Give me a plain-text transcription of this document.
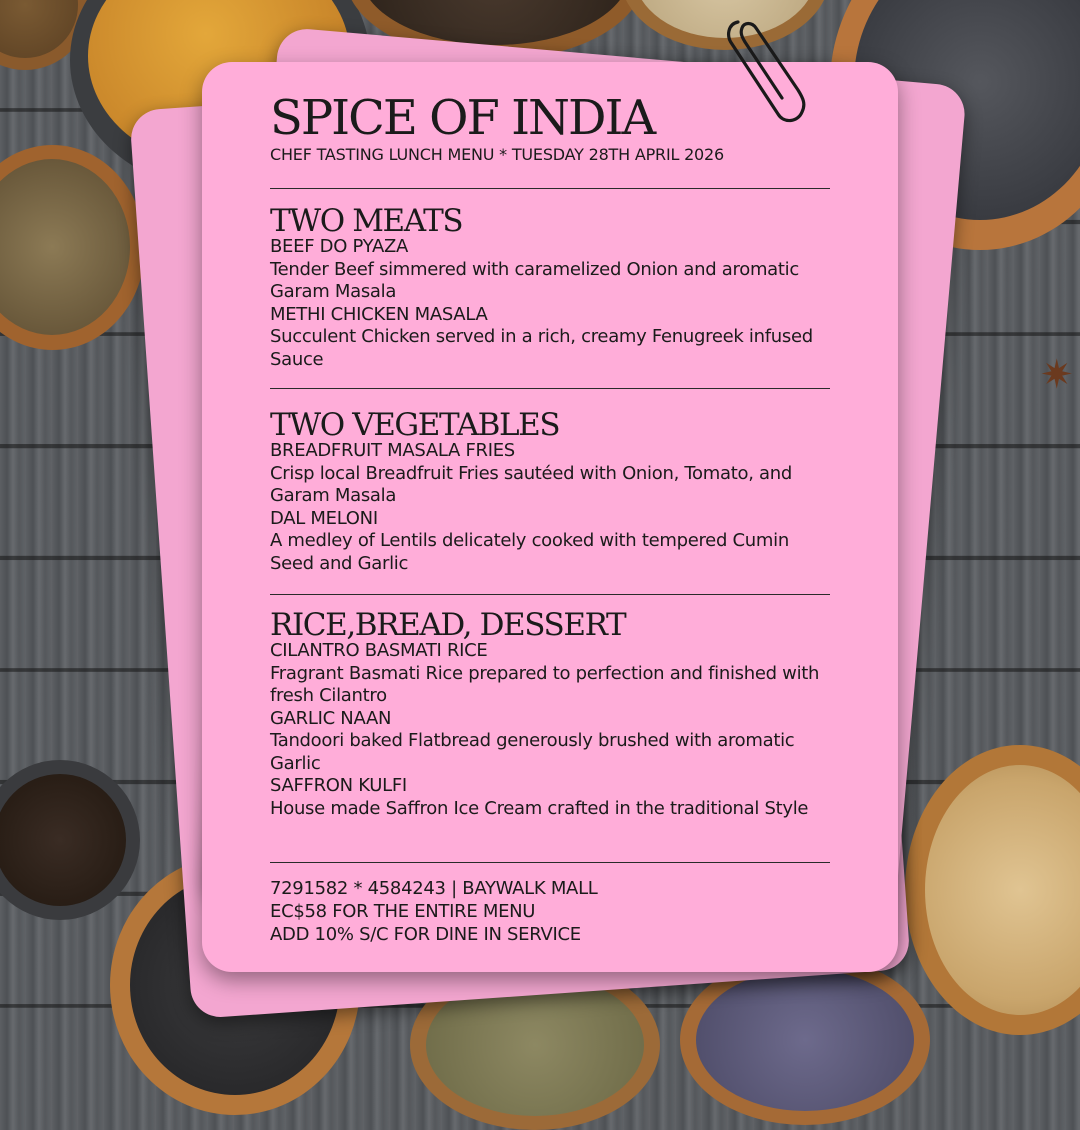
✷
SPICE OF INDIA
CHEF TASTING LUNCH MENU * TUESDAY 28TH APRIL 2026
TWO MEATS
BEEF DO PYAZA
Tender Beef simmered with caramelized Onion and aromatic Garam Masala
METHI CHICKEN MASALA
Succulent Chicken served in a rich, creamy Fenugreek infused Sauce
TWO VEGETABLES
BREADFRUIT MASALA FRIES
Crisp local Breadfruit Fries sautéed with Onion, Tomato, and Garam Masala
DAL MELONI
A medley of Lentils delicately cooked with tempered Cumin Seed and Garlic
RICE,BREAD, DESSERT
CILANTRO BASMATI RICE
Fragrant Basmati Rice prepared to perfection and finished with fresh Cilantro
GARLIC NAAN
Tandoori baked Flatbread generously brushed with aromatic Garlic
SAFFRON KULFI
House made Saffron Ice Cream crafted in the traditional Style
7291582 * 4584243 | BAYWALK MALL
EC$58 FOR THE ENTIRE MENU
ADD 10% S/C FOR DINE IN SERVICE
